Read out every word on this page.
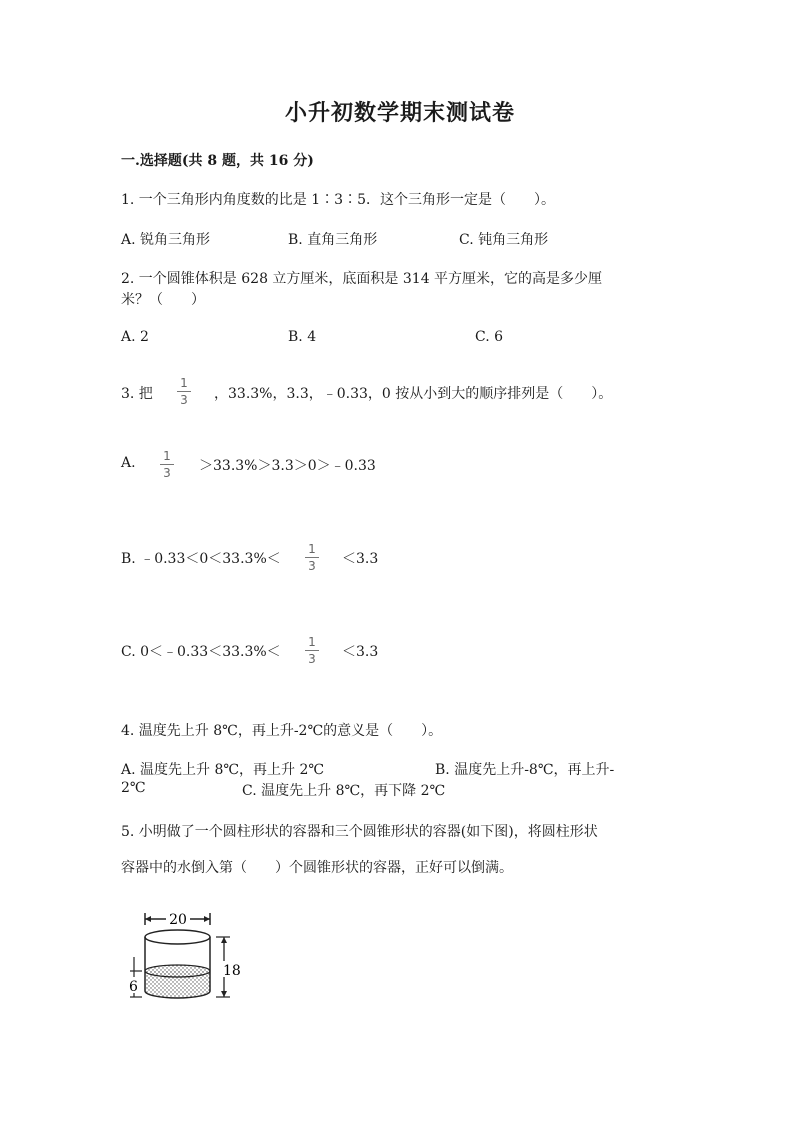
小升初数学期末测试卷
一.选择题(共 8 题，共 16 分)
1. 一个三角形内角度数的比是 1∶3∶5．这个三角形一定是（　　）。
A. 锐角三角形	B. 直角三角形	C. 钝角三角形
2. 一个圆锥体积是 628 立方厘米，底面积是 314 平方厘米，它的高是多少厘
米？（　　）
A. 2	B. 4	C. 6
3. 把
1
3 ，33.3%，3.3，﹣0.33，0 按从小到大的顺序排列是（　　）。
A. 1
3 ＞33.3%＞3.3＞0＞﹣0.33
B. ﹣0.33＜0＜33.3%＜
1
3 ＜3.3
C. 0＜﹣0.33＜33.3%＜
1
3 ＜3.3
4. 温度先上升 8℃，再上升-2℃的意义是（　　）。
A. 温度先上升 8℃，再上升 2℃	B. 温度先上升-8℃，再上升-
2℃	C. 温度先上升 8℃，再下降 2℃
5. 小明做了一个圆柱形状的容器和三个圆锥形状的容器(如下图)，将圆柱形状
容器中的水倒入第（　　）个圆锥形状的容器，正好可以倒满。
20
18
6
